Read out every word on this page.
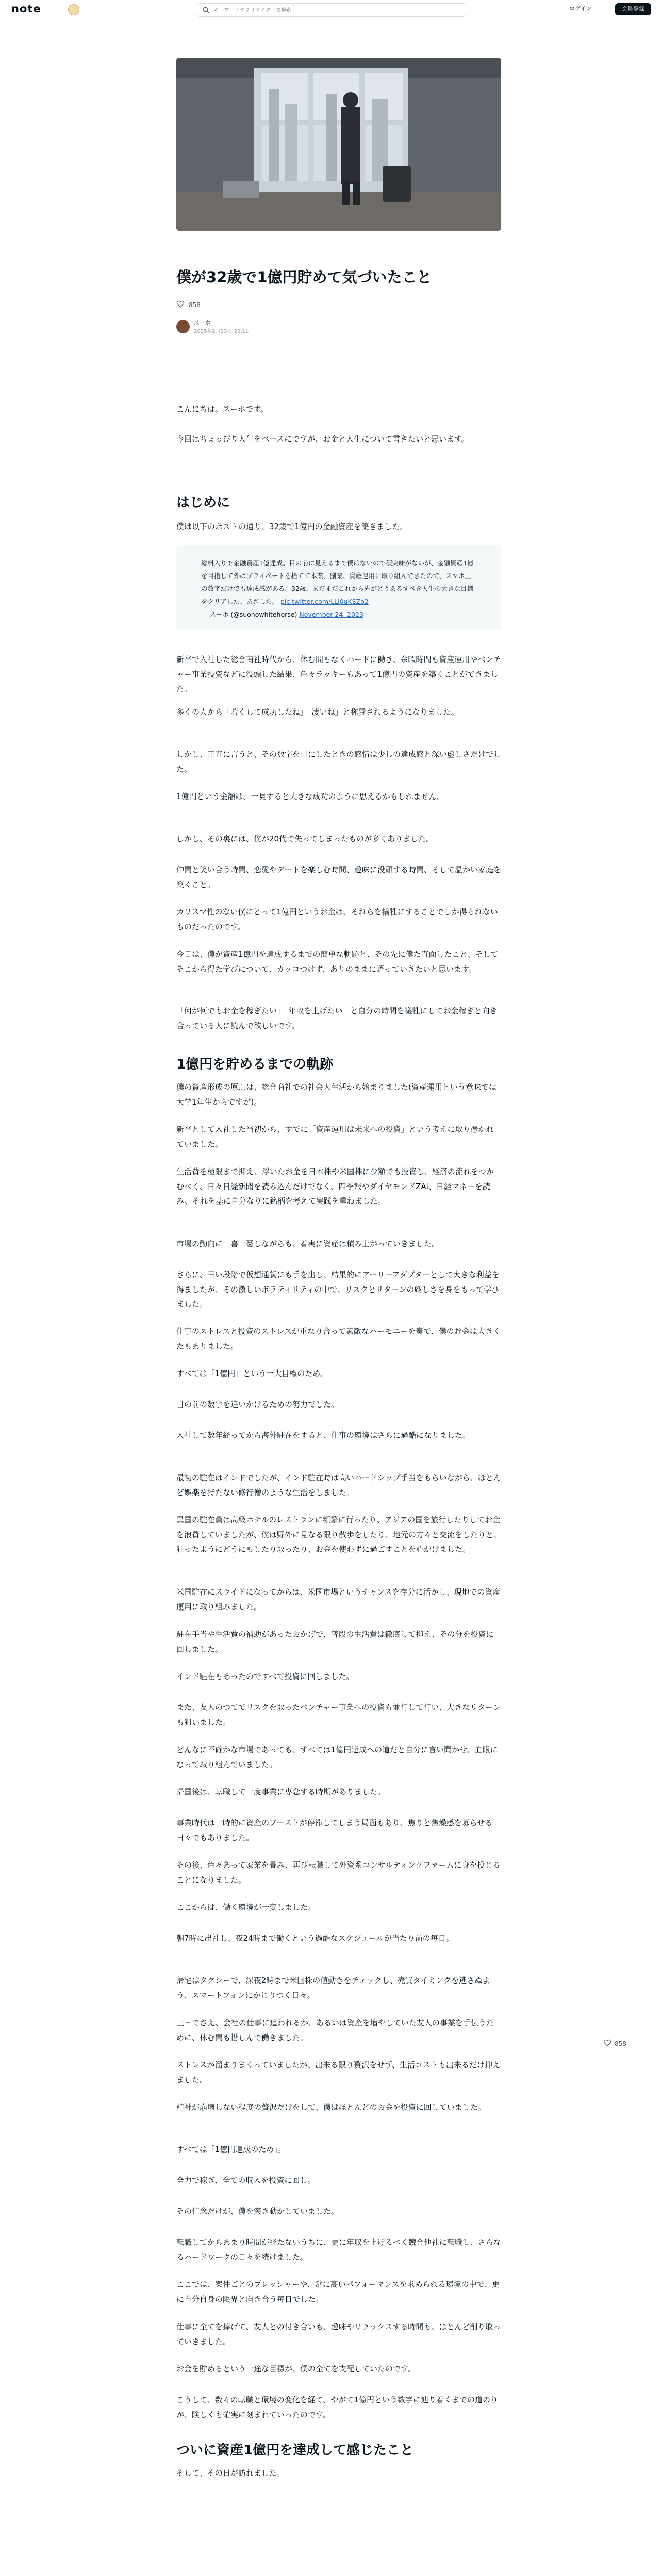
note
キーワードやクリエイターで検索	ログイン	会員登録
僕が32歳で1億円貯めて気づいたこと
858
スーホ
2025年2月23日 22:11

こんにちは。スーホです。

今回はちょっぴり人生をベースにですが、お金と人生について書きたいと思います。

はじめに

僕は以下のポストの通り、32歳で1億円の金融資産を築きました。

総料入りで金融資産1億達成。目の前に見えるまで僕はないので積実味がないが、金融資産1億を目指して外はプライベートを捨てて本業、副業、資産運用に取り組んできたので、スマホ上の数字だけでも達成感がある。32歳、まだまだこれから先がどうあるすべき人生の大きな目標をクリアした。あざした。 pic.twitter.com/LLi0uKSZo2

— スーホ (@suohowhitehorse) November 24, 2023

新卒で入社した総合商社時代から、休む間もなくハードに働き、余暇時間も資産運用やベンチャー事業投資などに没頭した結果、色々ラッキーもあって1億円の資産を築くことができました。

多くの人から「若くして成功したね」「凄いね」と称賛されるようになりました。

しかし、正直に言うと、その数字を目にしたときの感情は少しの達成感と深い虚しさだけでした。

1億円という金額は、一見すると大きな成功のように思えるかもしれません。

しかし、その裏には、僕が20代で失ってしまったものが多くありました。

仲間と笑い合う時間、恋愛やデートを楽しむ時間、趣味に没頭する時間、そして温かい家庭を築くこと。

カリスマ性のない僕にとって1億円というお金は、それらを犠牲にすることでしか得られないものだったのです。

今日は、僕が資産1億円を達成するまでの簡単な軌跡と、その先に僕た直面したこと、そしてそこから得た学びについて、カッコつけず、ありのままに語っていきたいと思います。

「何が何でもお金を稼ぎたい」「年収を上げたい」と自分の時間を犠牲にしてお金稼ぎと向き合っている人に読んで欲しいです。

1億円を貯めるまでの軌跡

僕の資産形成の原点は、総合商社での社会人生活から始まりました(資産運用という意味では大学1年生からですが)。

新卒として入社した当初から、すでに「資産運用は未来への投資」という考えに取り憑かれていました。

生活費を極限まで抑え、浮いたお金を日本株や米国株に少額でも投資し、経済の流れをつかむべく、日々日経新聞を読み込んだけでなく、四季報やダイヤモンドZAi、日経マネーを読み、それを基に自分なりに銘柄を考えて実践を重ねました。

市場の動向に一喜一憂しながらも、着実に資産は積み上がっていきました。

さらに、早い段階で仮想通貨にも手を出し、結果的にアーリーアダプターとして大きな利益を得ましたが、その激しいボラティリティの中で、リスクとリターンの厳しさを身をもって学びました。

仕事のストレスと投資のストレスが重なり合って素敵なハーモニーを奏で、僕の貯金は大きくたもありました。

すべては「1億円」という一大目標のため。

目の前の数字を追いかけるための努力でした。

入社して数年経ってから海外駐在をすると、仕事の環境はさらに過酷になりました。

最初の駐在はインドでしたが、インド駐在時は高いハードシップ手当をもらいながら、ほとんど娯楽を持たない修行僧のような生活をしました。

異国の駐在員は高級ホテルのレストランに頻繁に行ったり、アジアの国を旅行したりしてお金を浪費していましたが、僕は野外に見なる限り散歩をしたり、地元の方々と交流をしたりと、狂ったようにどうにもしたり取ったり、お金を使わずに過ごすことを心がけました。

米国駐在にスライドになってからは、米国市場というチャンスを存分に活かし、現地での資産運用に取り組みました。

駐在手当や生活費の補助があったおかげで、普段の生活費は徹底して抑え、その分を投資に回しました。

インド駐在もあったのですべて投資に回しました。

また、友人のつてでリスクを取ったベンチャー事業への投資も並行して行い、大きなリターンも狙いました。

どんなに不確かな市場であっても、すべては1億円達成への道だと自分に言い聞かせ、血眼になって取り組んでいました。

帰国後は、転職して一度事業に専念する時期がありました。

事業時代は一時的に資産のブーストが停滞してしまう局面もあり、焦りと焦燥感を募らせる日々でもありました。

その後、色々あって家業を畳み、再び転職して外資系コンサルティングファームに身を投じることになりました。

ここからは、働く環境が一変しました。

朝7時に出社し、夜24時まで働くという過酷なスケジュールが当たり前の毎日。

帰宅はタクシーで、深夜2時まで米国株の値動きをチェックし、売買タイミングを逃さぬよう、スマートフォンにかじりつく日々。

土日でさえ、会社の仕事に追われるか、あるいは資産を増やしていた友人の事業を手伝うために、休む間も惜しんで働きました。

ストレスが溜まりまくっていましたが、出来る限り贅沢をせず、生活コストも出来るだけ抑えました。

精神が崩壊しない程度の贅沢だけをして、僕はほとんどのお金を投資に回していました。

すべては「1億円達成のため」。

全力で稼ぎ、全ての収入を投資に回し。

その信念だけが、僕を突き動かしていました。

転職してからあまり時間が経たないうちに、更に年収を上げるべく競合他社に転職し、さらなるハードワークの日々を続けました。

ここでは、案件ごとのプレッシャーや、常に高いパフォーマンスを求められる環境の中で、更に自分自身の限界と向き合う毎日でした。

仕事に全てを捧げて、友人との付き合いも、趣味やリラックスする時間も、ほとんど削り取っていきました。

お金を貯めるという一途な目標が、僕の全てを支配していたのです。

こうして、数々の転職と環境の変化を経て、やがて1億円という数字に辿り着くまでの道のりが、険しくも確実に刻まれていったのです。

ついに資産1億円を達成して感じたこと

そして、その日が訪れました。

858
